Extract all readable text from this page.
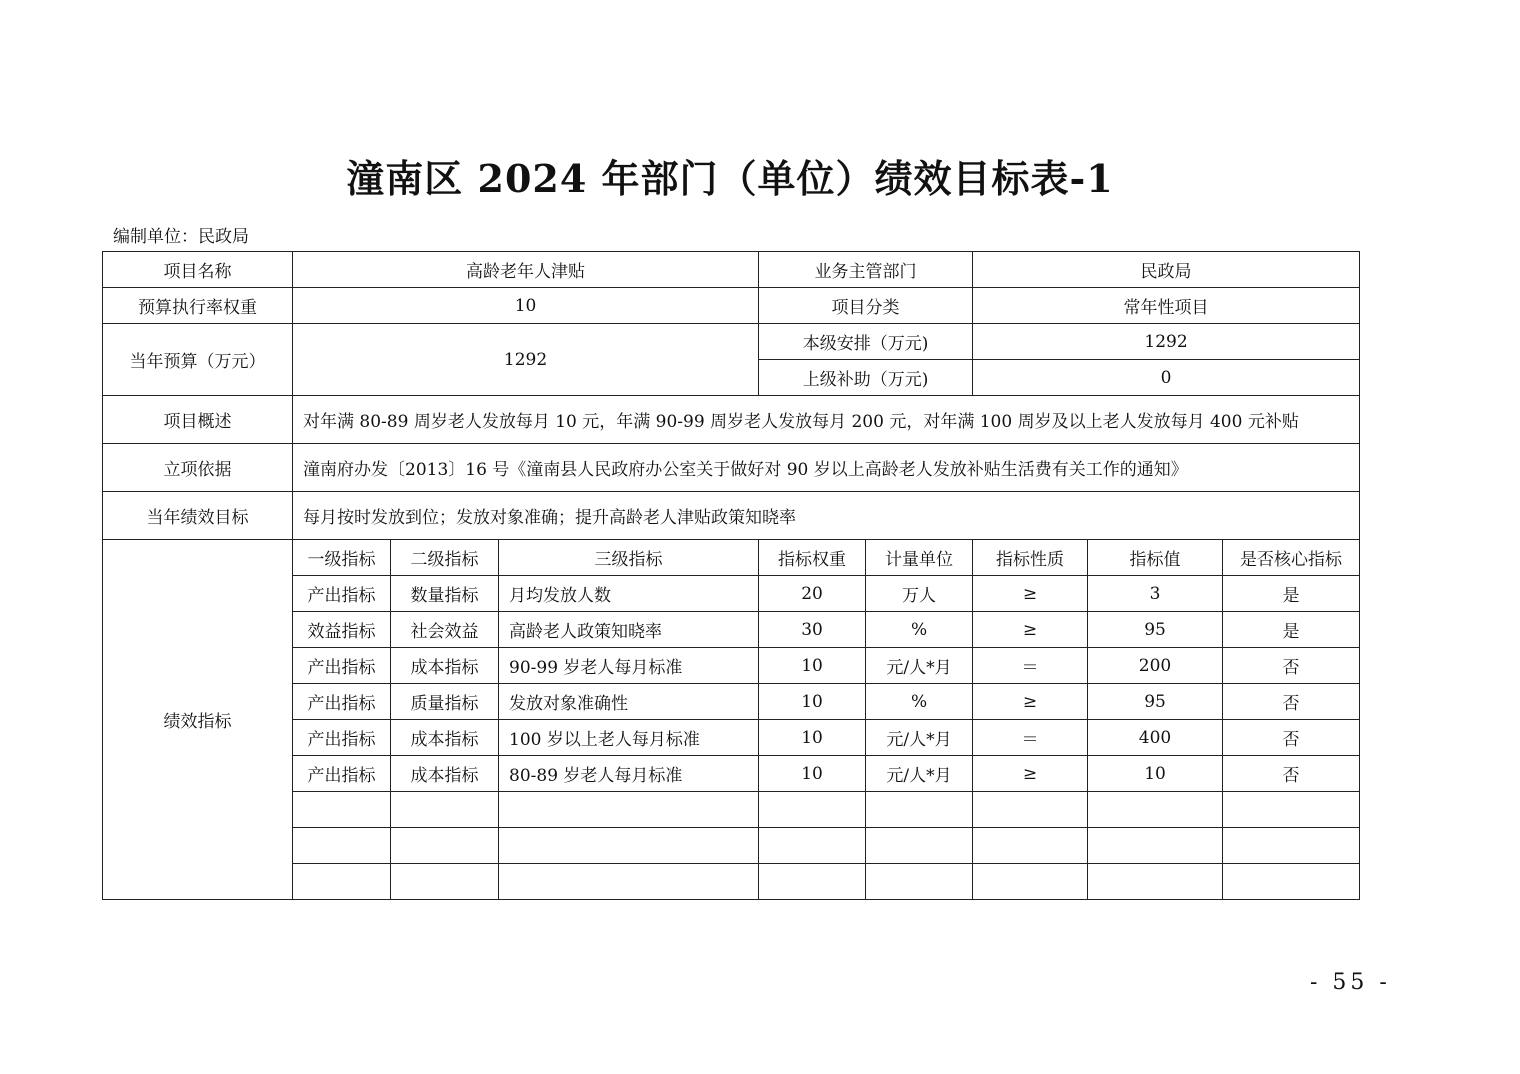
潼南区 2024 年部门（单位）绩效目标表-1
编制单位：民政局
项目名称	高龄老年人津贴			业务主管部门		民政局		
预算执行率权重	10			项目分类		常年性项目		
当年预算（万元）	1292			本级安排（万元)		1292		
				上级补助（万元)		0		
项目概述	对年满 80-89 周岁老人发放每月 10 元，年满 90-99 周岁老人发放每月 200 元，对年满 100 周岁及以上老人发放每月 400 元补贴							
立项依据	潼南府办发〔2013〕16 号《潼南县人民政府办公室关于做好对 90 岁以上高龄老人发放补贴生活费有关工作的通知》							
当年绩效目标	每月按时发放到位；发放对象准确；提升高龄老人津贴政策知晓率							
绩效指标	一级指标	二级指标	三级指标	指标权重	计量单位	指标性质	指标值	是否核心指标
	产出指标	数量指标	月均发放人数	20	万人	≥	3	是
	效益指标	社会效益	高龄老人政策知晓率	30	%	≥	95	是
	产出指标	成本指标	90-99 岁老人每月标准	10	元/人*月	＝	200	否
	产出指标	质量指标	发放对象准确性	10	%	≥	95	否
	产出指标	成本指标	100 岁以上老人每月标准	10	元/人*月	＝	400	否
	产出指标	成本指标	80-89 岁老人每月标准	10	元/人*月	≥	10	否

- 55 -
